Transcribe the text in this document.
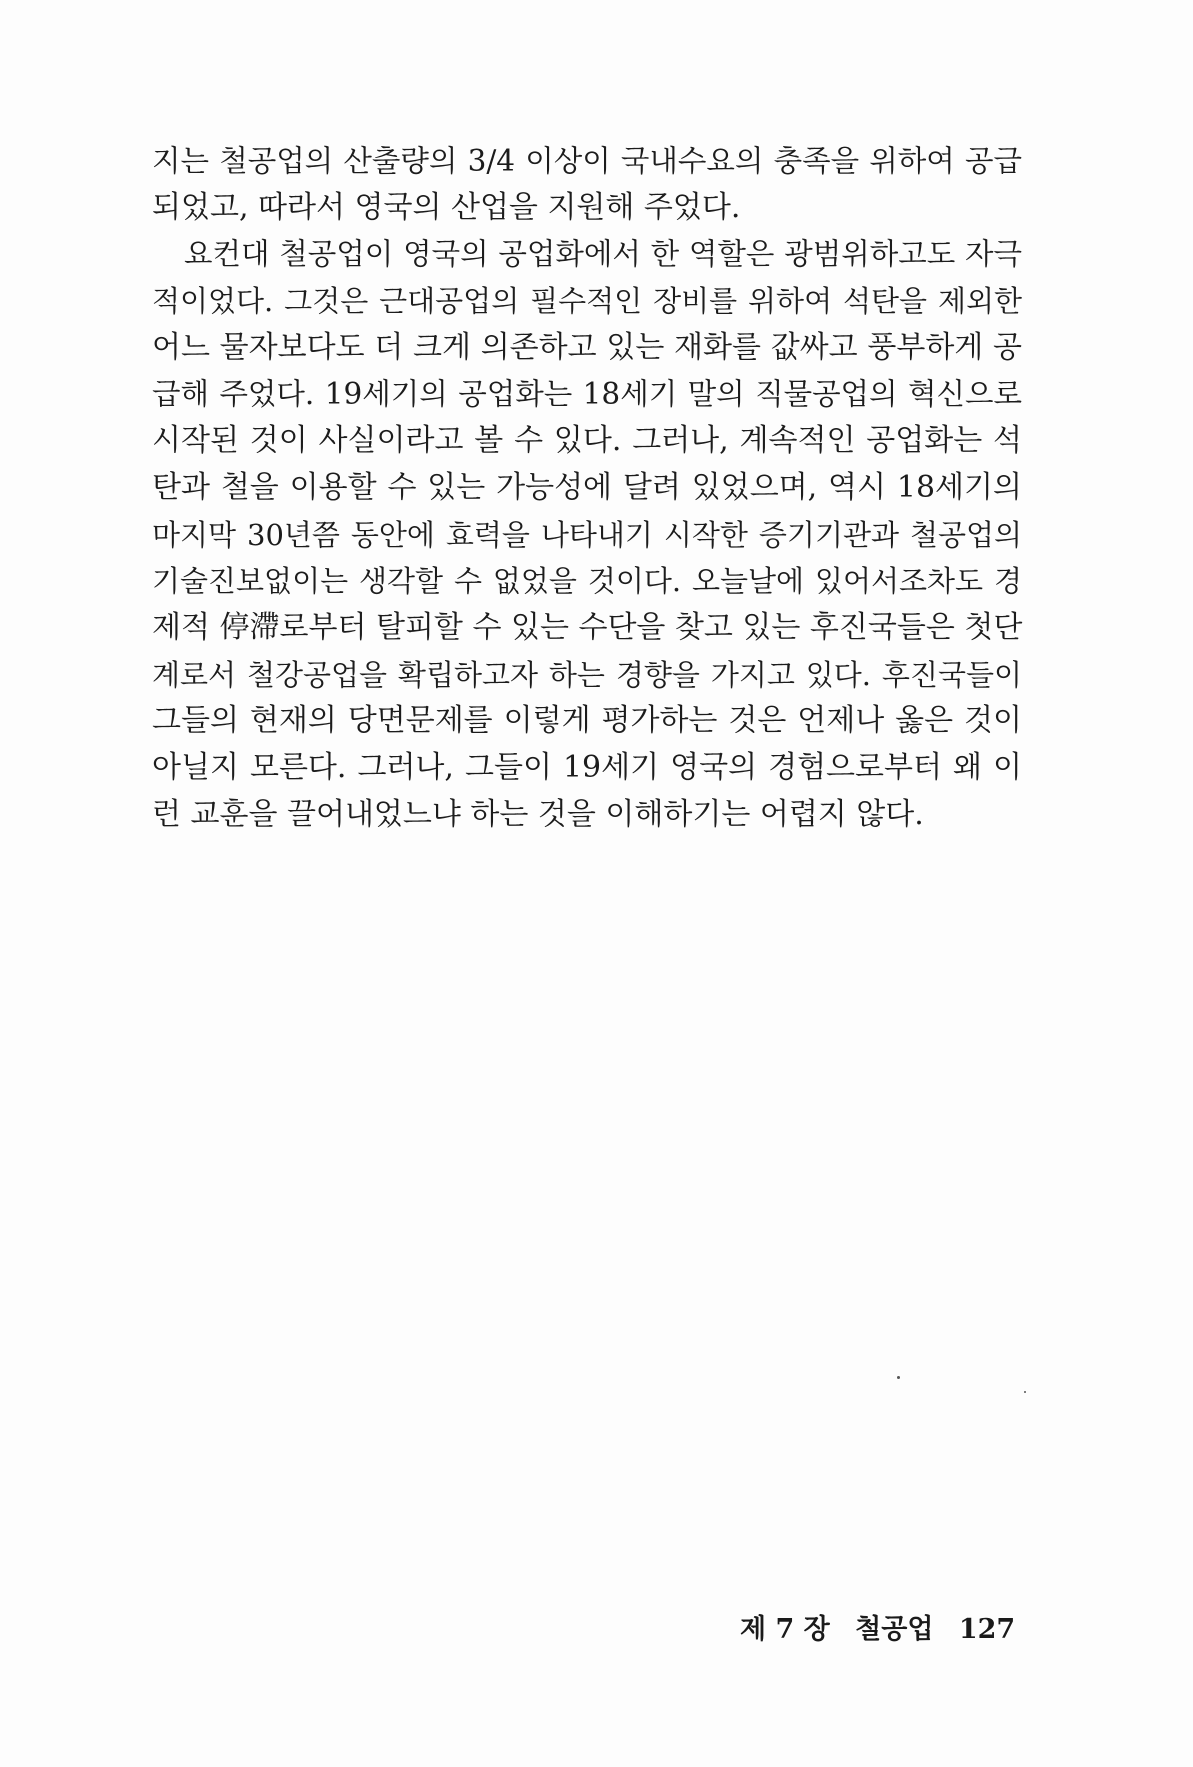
지는 철공업의 산출량의 3/4 이상이 국내수요의 충족을 위하여 공급
되었고, 따라서 영국의 산업을 지원해 주었다.
요컨대 철공업이 영국의 공업화에서 한 역할은 광범위하고도 자극
적이었다. 그것은 근대공업의 필수적인 장비를 위하여 석탄을 제외한
어느 물자보다도 더 크게 의존하고 있는 재화를 값싸고 풍부하게 공
급해 주었다. 19세기의 공업화는 18세기 말의 직물공업의 혁신으로
시작된 것이 사실이라고 볼 수 있다. 그러나, 계속적인 공업화는 석
탄과 철을 이용할 수 있는 가능성에 달려 있었으며, 역시 18세기의
마지막 30년쯤 동안에 효력을 나타내기 시작한 증기기관과 철공업의
기술진보없이는 생각할 수 없었을 것이다. 오늘날에 있어서조차도 경
제적 停滯로부터 탈피할 수 있는 수단을 찾고 있는 후진국들은 첫단
계로서 철강공업을 확립하고자 하는 경향을 가지고 있다. 후진국들이
그들의 현재의 당면문제를 이렇게 평가하는 것은 언제나 옳은 것이
아닐지 모른다. 그러나, 그들이 19세기 영국의 경험으로부터 왜 이
런 교훈을 끌어내었느냐 하는 것을 이해하기는 어렵지 않다.
제 7 장 철공업 127
